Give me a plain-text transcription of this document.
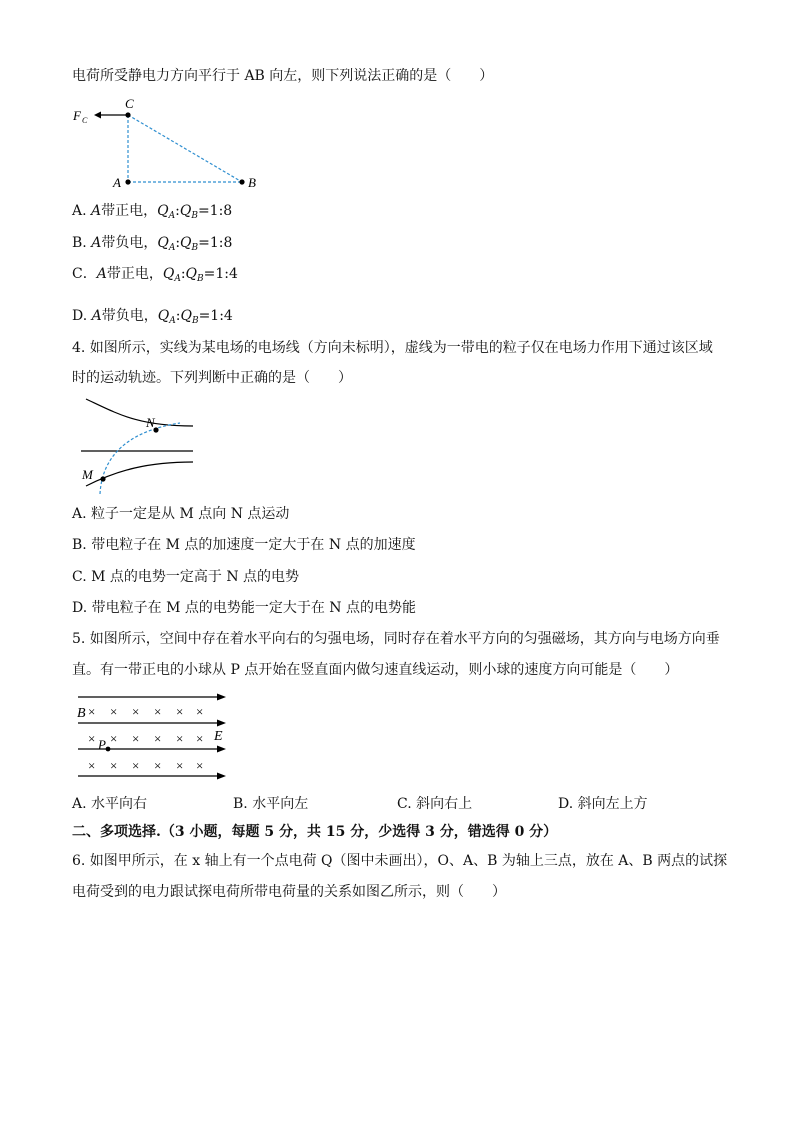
电荷所受静电力方向平行于 AB 向左，则下列说法正确的是（　　）
F C
C
A	B
A. A带正电，$Q_A:Q_B=1:8$
B. A带负电，$Q_A:Q_B=1:8$
C．A带正电，$Q_A:Q_B=1:4$
D. A带负电，$Q_A:Q_B=1:4$
4. 如图所示，实线为某电场的电场线（方向未标明），虚线为一带电的粒子仅在电场力作用下通过该区域
时的运动轨迹。下列判断中正确的是（　　）
N
M
A. 粒子一定是从 M 点向 N 点运动
B. 带电粒子在 M 点的加速度一定大于在 N 点的加速度
C. M 点的电势一定高于 N 点的电势
D. 带电粒子在 M 点的电势能一定大于在 N 点的电势能
5. 如图所示，空间中存在着水平向右的匀强电场，同时存在着水平方向的匀强磁场，其方向与电场方向垂
直。有一带正电的小球从 P 点开始在竖直面内做匀速直线运动，则小球的速度方向可能是（　　）
B × × × × × ×
× × × × × ×
P
E
× × × × × ×
A. 水平向右	B. 水平向左	C. 斜向右上	D. 斜向左上方
二、多项选择.（3 小题，每题 5 分，共 15 分，少选得 3 分，错选得 0 分）
6. 如图甲所示，在 x 轴上有一个点电荷 Q（图中未画出），O、A、B 为轴上三点，放在 A、B 两点的试探
电荷受到的电力跟试探电荷所带电荷量的关系如图乙所示，则（　　）
